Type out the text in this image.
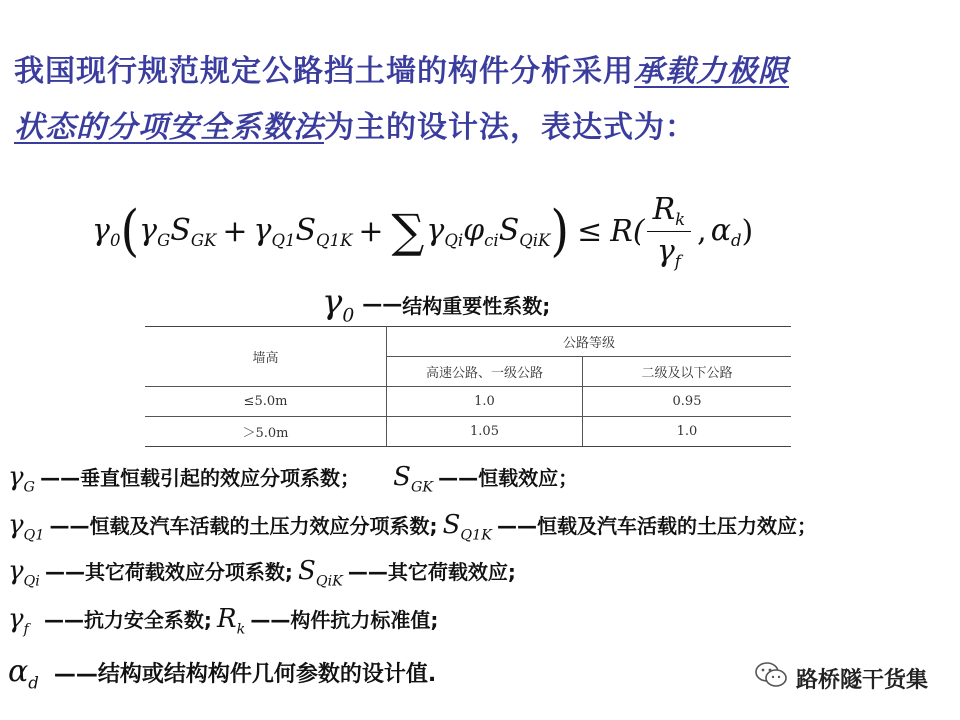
我国现行规范规定公路挡土墙的构件分析采用承载力极限
状态的分项安全系数法为主的设计法，表达式为：
$\gamma_0$ ( $\gamma_G$ $S_{GK} + \gamma_{Q1}$ $S_{Q1K}$ + ∑ $\gamma_{Qi}$ $\varphi_{ci}$ $S_{QiK}$ ) ≤ $R( \frac{R_k}{\gamma_f}$ , $\alpha_d$ )
$\gamma_0$ —— 结构重要性系数;
墙高	公路等级	
	高速公路、一级公路	二级及以下公路
≤5.0m	1.0	0.95
＞5.0m	1.05	1.0
$\gamma_G$ ——垂直恒载引起的效应分项系数； $S_{GK}$ ——恒载效应；
$\gamma_{Q1}$ ——恒载及汽车活载的土压力效应分项系数; $S_{Q1K}$ ——恒载及汽车活载的土压力效应；
$\gamma_{Qi}$ ——其它荷载效应分项系数; $S_{QiK}$ ——其它荷载效应;
$\gamma_f$ ——抗力安全系数; $R_k$ ——构件抗力标准值;
$\alpha_d$ ——结构或结构构件几何参数的设计值.	路桥隧干货集
